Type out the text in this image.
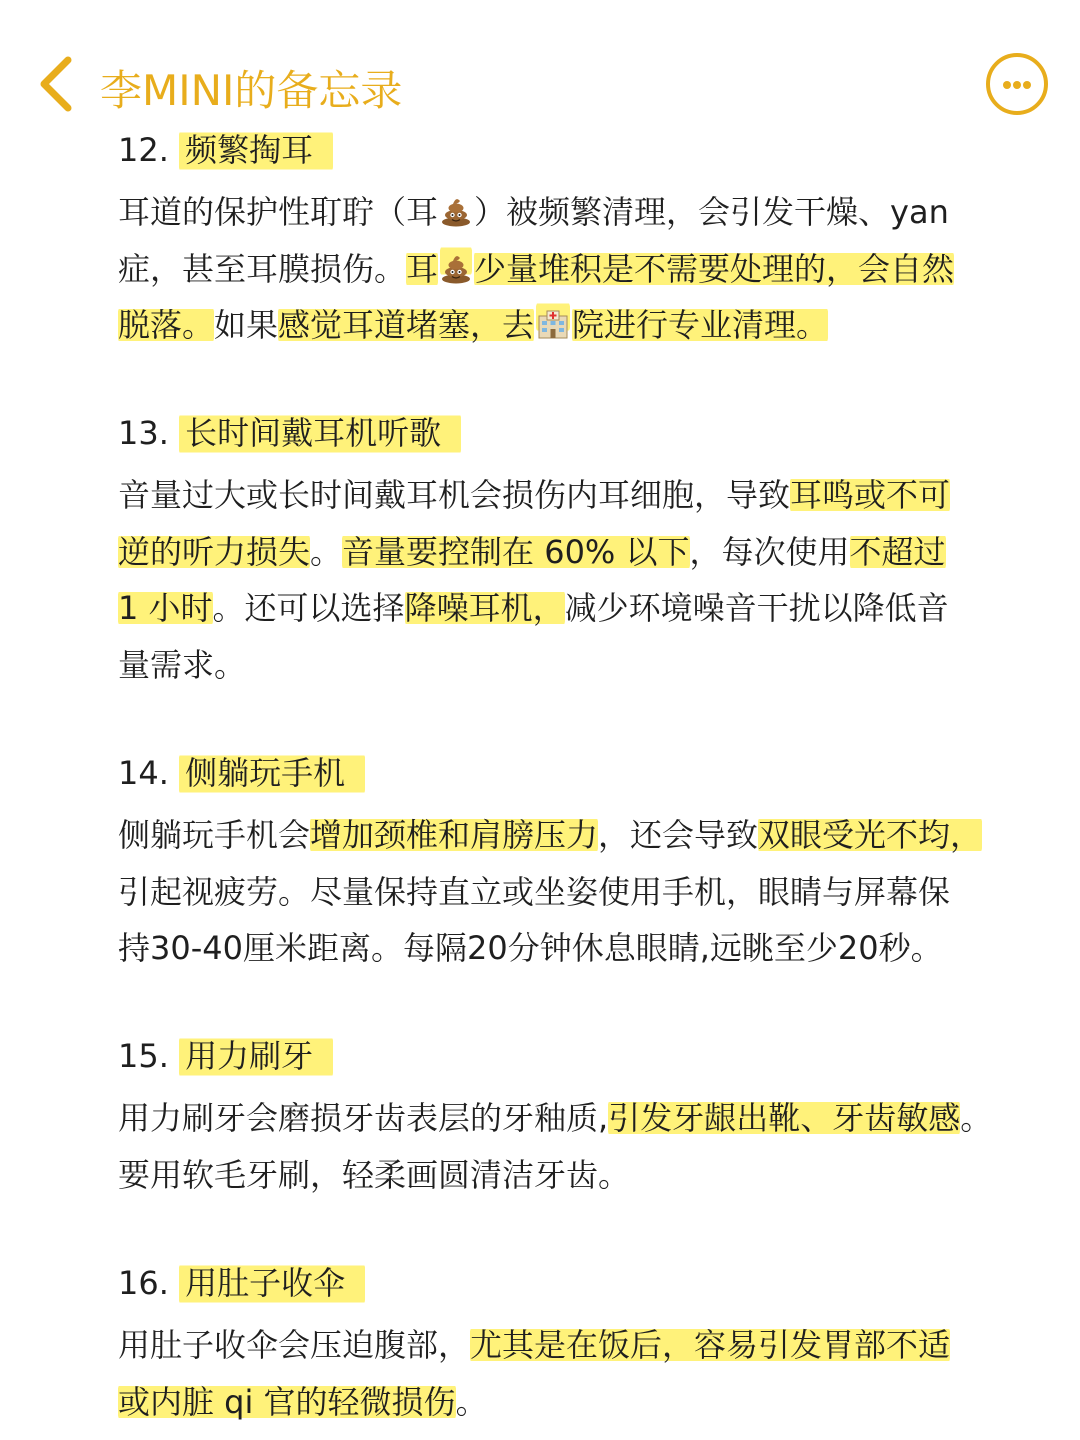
李MINI的备忘录
12. 频繁掏耳
耳道的保护性耵聍（耳 ）被频繁清理，会引发干燥、yan
症，甚至耳膜损伤。耳 少量堆积是不需要处理的，会自然
脱落。如果感觉耳道堵塞，去 院进行专业清理。
13. 长时间戴耳机听歌
音量过大或长时间戴耳机会损伤内耳细胞，导致耳鸣或不可
逆的听力损失。音量要控制在 60% 以下，每次使用不超过
1 小时。还可以选择降噪耳机，减少环境噪音干扰以降低音
量需求。
14. 侧躺玩手机
侧躺玩手机会增加颈椎和肩膀压力，还会导致双眼受光不均，
引起视疲劳。尽量保持直立或坐姿使用手机，眼睛与屏幕保
持30-40厘米距离。每隔20分钟休息眼睛,远眺至少20秒。
15. 用力刷牙
用力刷牙会磨损牙齿表层的牙釉质,引发牙龈出靴、牙齿敏感。
要用软毛牙刷，轻柔画圆清洁牙齿。
16. 用肚子收伞
用肚子收伞会压迫腹部，尤其是在饭后，容易引发胃部不适
或内脏 qi 官的轻微损伤。
